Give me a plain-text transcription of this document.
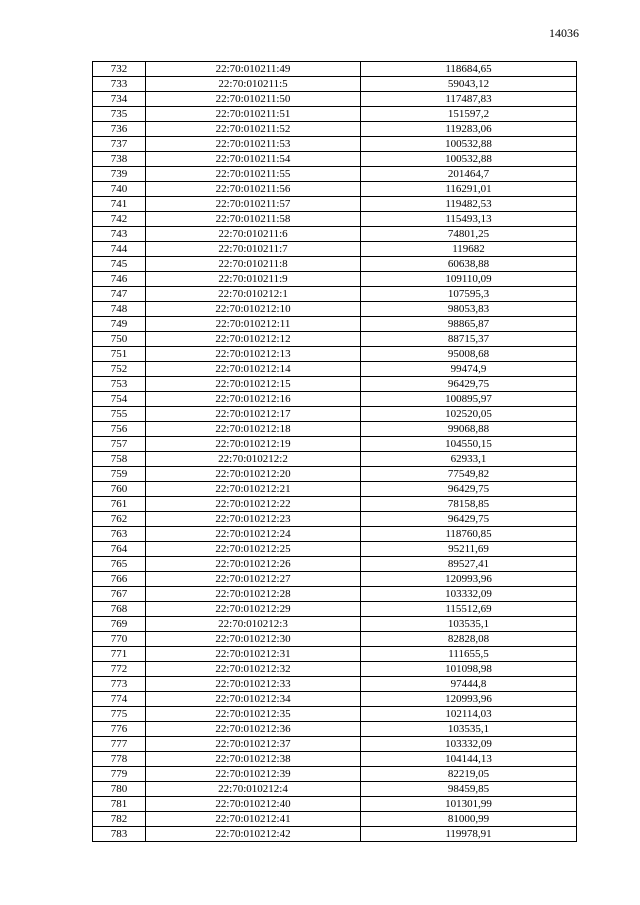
14036
732	22:70:010211:49	118684,65
733	22:70:010211:5	59043,12
734	22:70:010211:50	117487,83
735	22:70:010211:51	151597,2
736	22:70:010211:52	119283,06
737	22:70:010211:53	100532,88
738	22:70:010211:54	100532,88
739	22:70:010211:55	201464,7
740	22:70:010211:56	116291,01
741	22:70:010211:57	119482,53
742	22:70:010211:58	115493,13
743	22:70:010211:6	74801,25
744	22:70:010211:7	119682
745	22:70:010211:8	60638,88
746	22:70:010211:9	109110,09
747	22:70:010212:1	107595,3
748	22:70:010212:10	98053,83
749	22:70:010212:11	98865,87
750	22:70:010212:12	88715,37
751	22:70:010212:13	95008,68
752	22:70:010212:14	99474,9
753	22:70:010212:15	96429,75
754	22:70:010212:16	100895,97
755	22:70:010212:17	102520,05
756	22:70:010212:18	99068,88
757	22:70:010212:19	104550,15
758	22:70:010212:2	62933,1
759	22:70:010212:20	77549,82
760	22:70:010212:21	96429,75
761	22:70:010212:22	78158,85
762	22:70:010212:23	96429,75
763	22:70:010212:24	118760,85
764	22:70:010212:25	95211,69
765	22:70:010212:26	89527,41
766	22:70:010212:27	120993,96
767	22:70:010212:28	103332,09
768	22:70:010212:29	115512,69
769	22:70:010212:3	103535,1
770	22:70:010212:30	82828,08
771	22:70:010212:31	111655,5
772	22:70:010212:32	101098,98
773	22:70:010212:33	97444,8
774	22:70:010212:34	120993,96
775	22:70:010212:35	102114,03
776	22:70:010212:36	103535,1
777	22:70:010212:37	103332,09
778	22:70:010212:38	104144,13
779	22:70:010212:39	82219,05
780	22:70:010212:4	98459,85
781	22:70:010212:40	101301,99
782	22:70:010212:41	81000,99
783	22:70:010212:42	119978,91
